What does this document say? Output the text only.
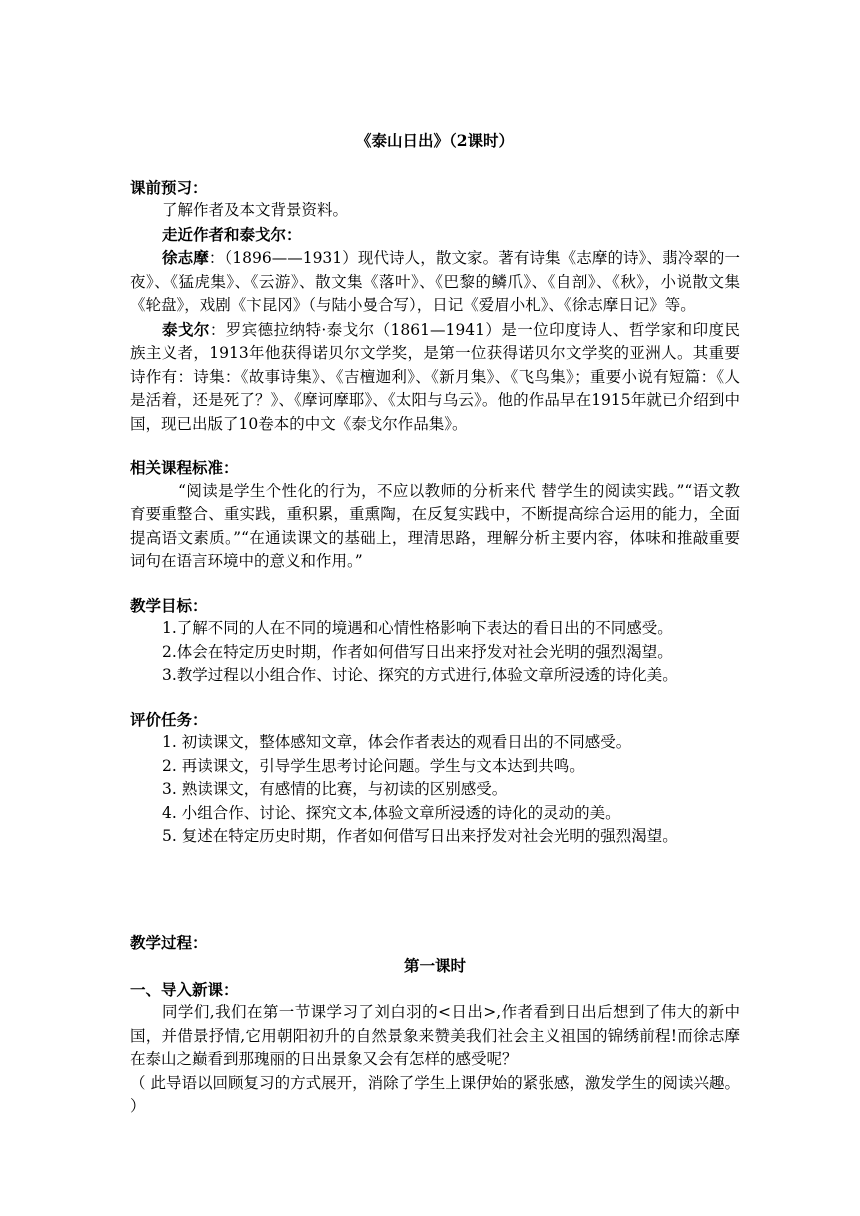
《泰山日出》（2课时）

课前预习：

了解作者及本文背景资料。

走近作者和泰戈尔：

徐志摩：（1896——1931）现代诗人，散文家。著有诗集《志摩的诗》、翡冷翠的一夜》、《猛虎集》、《云游》、散文集《落叶》、《巴黎的鳞爪》、《自剖》、《秋》，小说散文集《轮盘》，戏剧《卞昆冈》（与陆小曼合写），日记《爱眉小札》、《徐志摩日记》等。

泰戈尔：罗宾德拉纳特·泰戈尔（1861—1941）是一位印度诗人、哲学家和印度民族主义者，1913年他获得诺贝尔文学奖，是第一位获得诺贝尔文学奖的亚洲人。其重要诗作有：诗集：《故事诗集》、《吉檀迦利》、《新月集》、《飞鸟集》；重要小说有短篇：《人是活着，还是死了？》、《摩诃摩耶》、《太阳与乌云》。他的作品早在1915年就已介绍到中国，现已出版了10卷本的中文《泰戈尔作品集》。

相关课程标准：

“阅读是学生个性化的行为，不应以教师的分析来代 替学生的阅读实践。”“语文教育要重整合、重实践，重积累，重熏陶，在反复实践中，不断提高综合运用的能力，全面提高语文素质。”“在通读课文的基础上，理清思路，理解分析主要内容，体味和推敲重要词句在语言环境中的意义和作用。”

教学目标：

1.了解不同的人在不同的境遇和心情性格影响下表达的看日出的不同感受。

2.体会在特定历史时期，作者如何借写日出来抒发对社会光明的强烈渴望。

3.教学过程以小组合作、讨论、探究的方式进行,体验文章所浸透的诗化美。

评价任务：

1. 初读课文，整体感知文章，体会作者表达的观看日出的不同感受。

2. 再读课文，引导学生思考讨论问题。学生与文本达到共鸣。

3. 熟读课文，有感情的比赛，与初读的区别感受。

4. 小组合作、讨论、探究文本,体验文章所浸透的诗化的灵动的美。

5. 复述在特定历史时期，作者如何借写日出来抒发对社会光明的强烈渴望。

教学过程：

第一课时

一、导入新课：

同学们,我们在第一节课学习了刘白羽的<日出>,作者看到日出后想到了伟大的新中国，并借景抒情,它用朝阳初升的自然景象来赞美我们社会主义祖国的锦绣前程!而徐志摩在泰山之巅看到那瑰丽的日出景象又会有怎样的感受呢？

（ 此导语以回顾复习的方式展开，消除了学生上课伊始的紧张感，激发学生的阅读兴趣。 ）
